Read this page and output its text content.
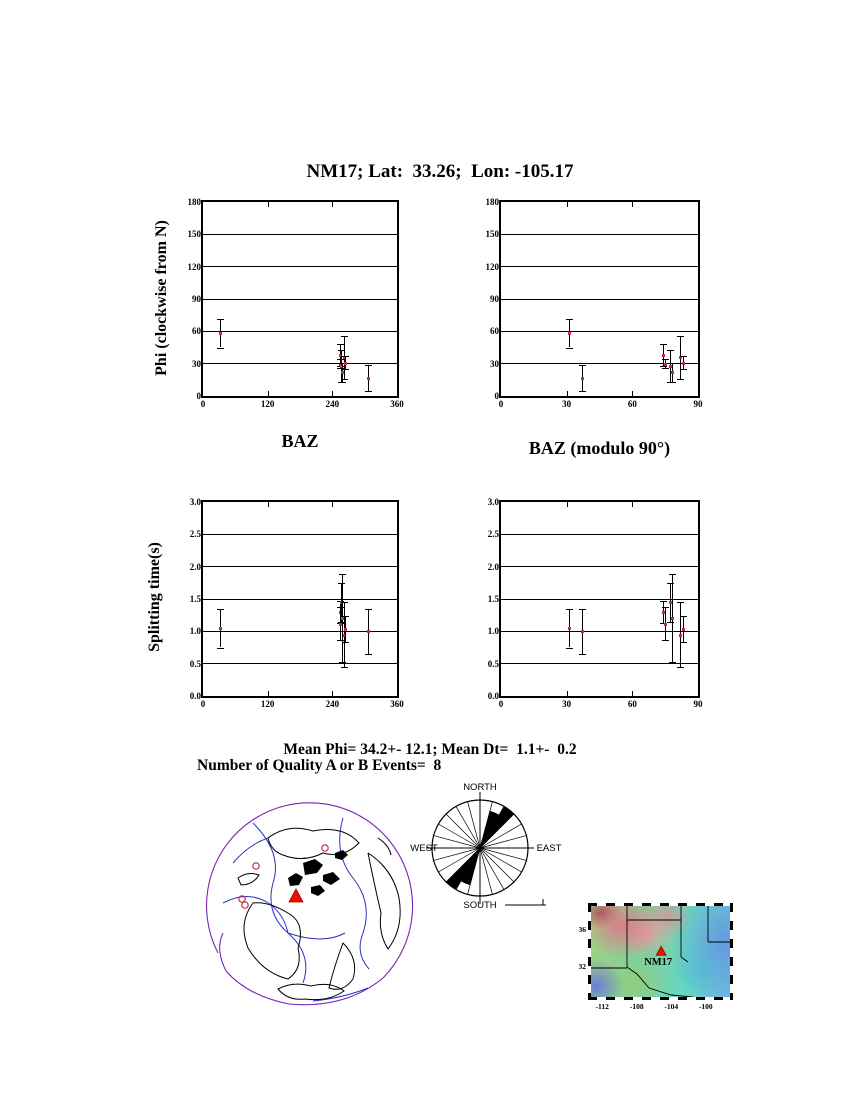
NM17; Lat:  33.26;  Lon: -105.17
Phi (clockwise from N)
Splitting time(s)
0	120	240	360
0
30
60
90
120
150
180
0	30	60	90
0
30
60
90
120
150
180
0	120	240	360
0.0
0.5
1.0
1.5
2.0
2.5
3.0
0	30	60	90
0.0
0.5
1.0
1.5
2.0
2.5
3.0
BAZ	BAZ (modulo 90°)
Mean Phi= 34.2+- 12.1; Mean Dt=  1.1+-  0.2
Number of Quality A or B Events=  8
NORTH
SOUTH
WEST	EAST
NM17
-112	-108	-104	-100
36
32
